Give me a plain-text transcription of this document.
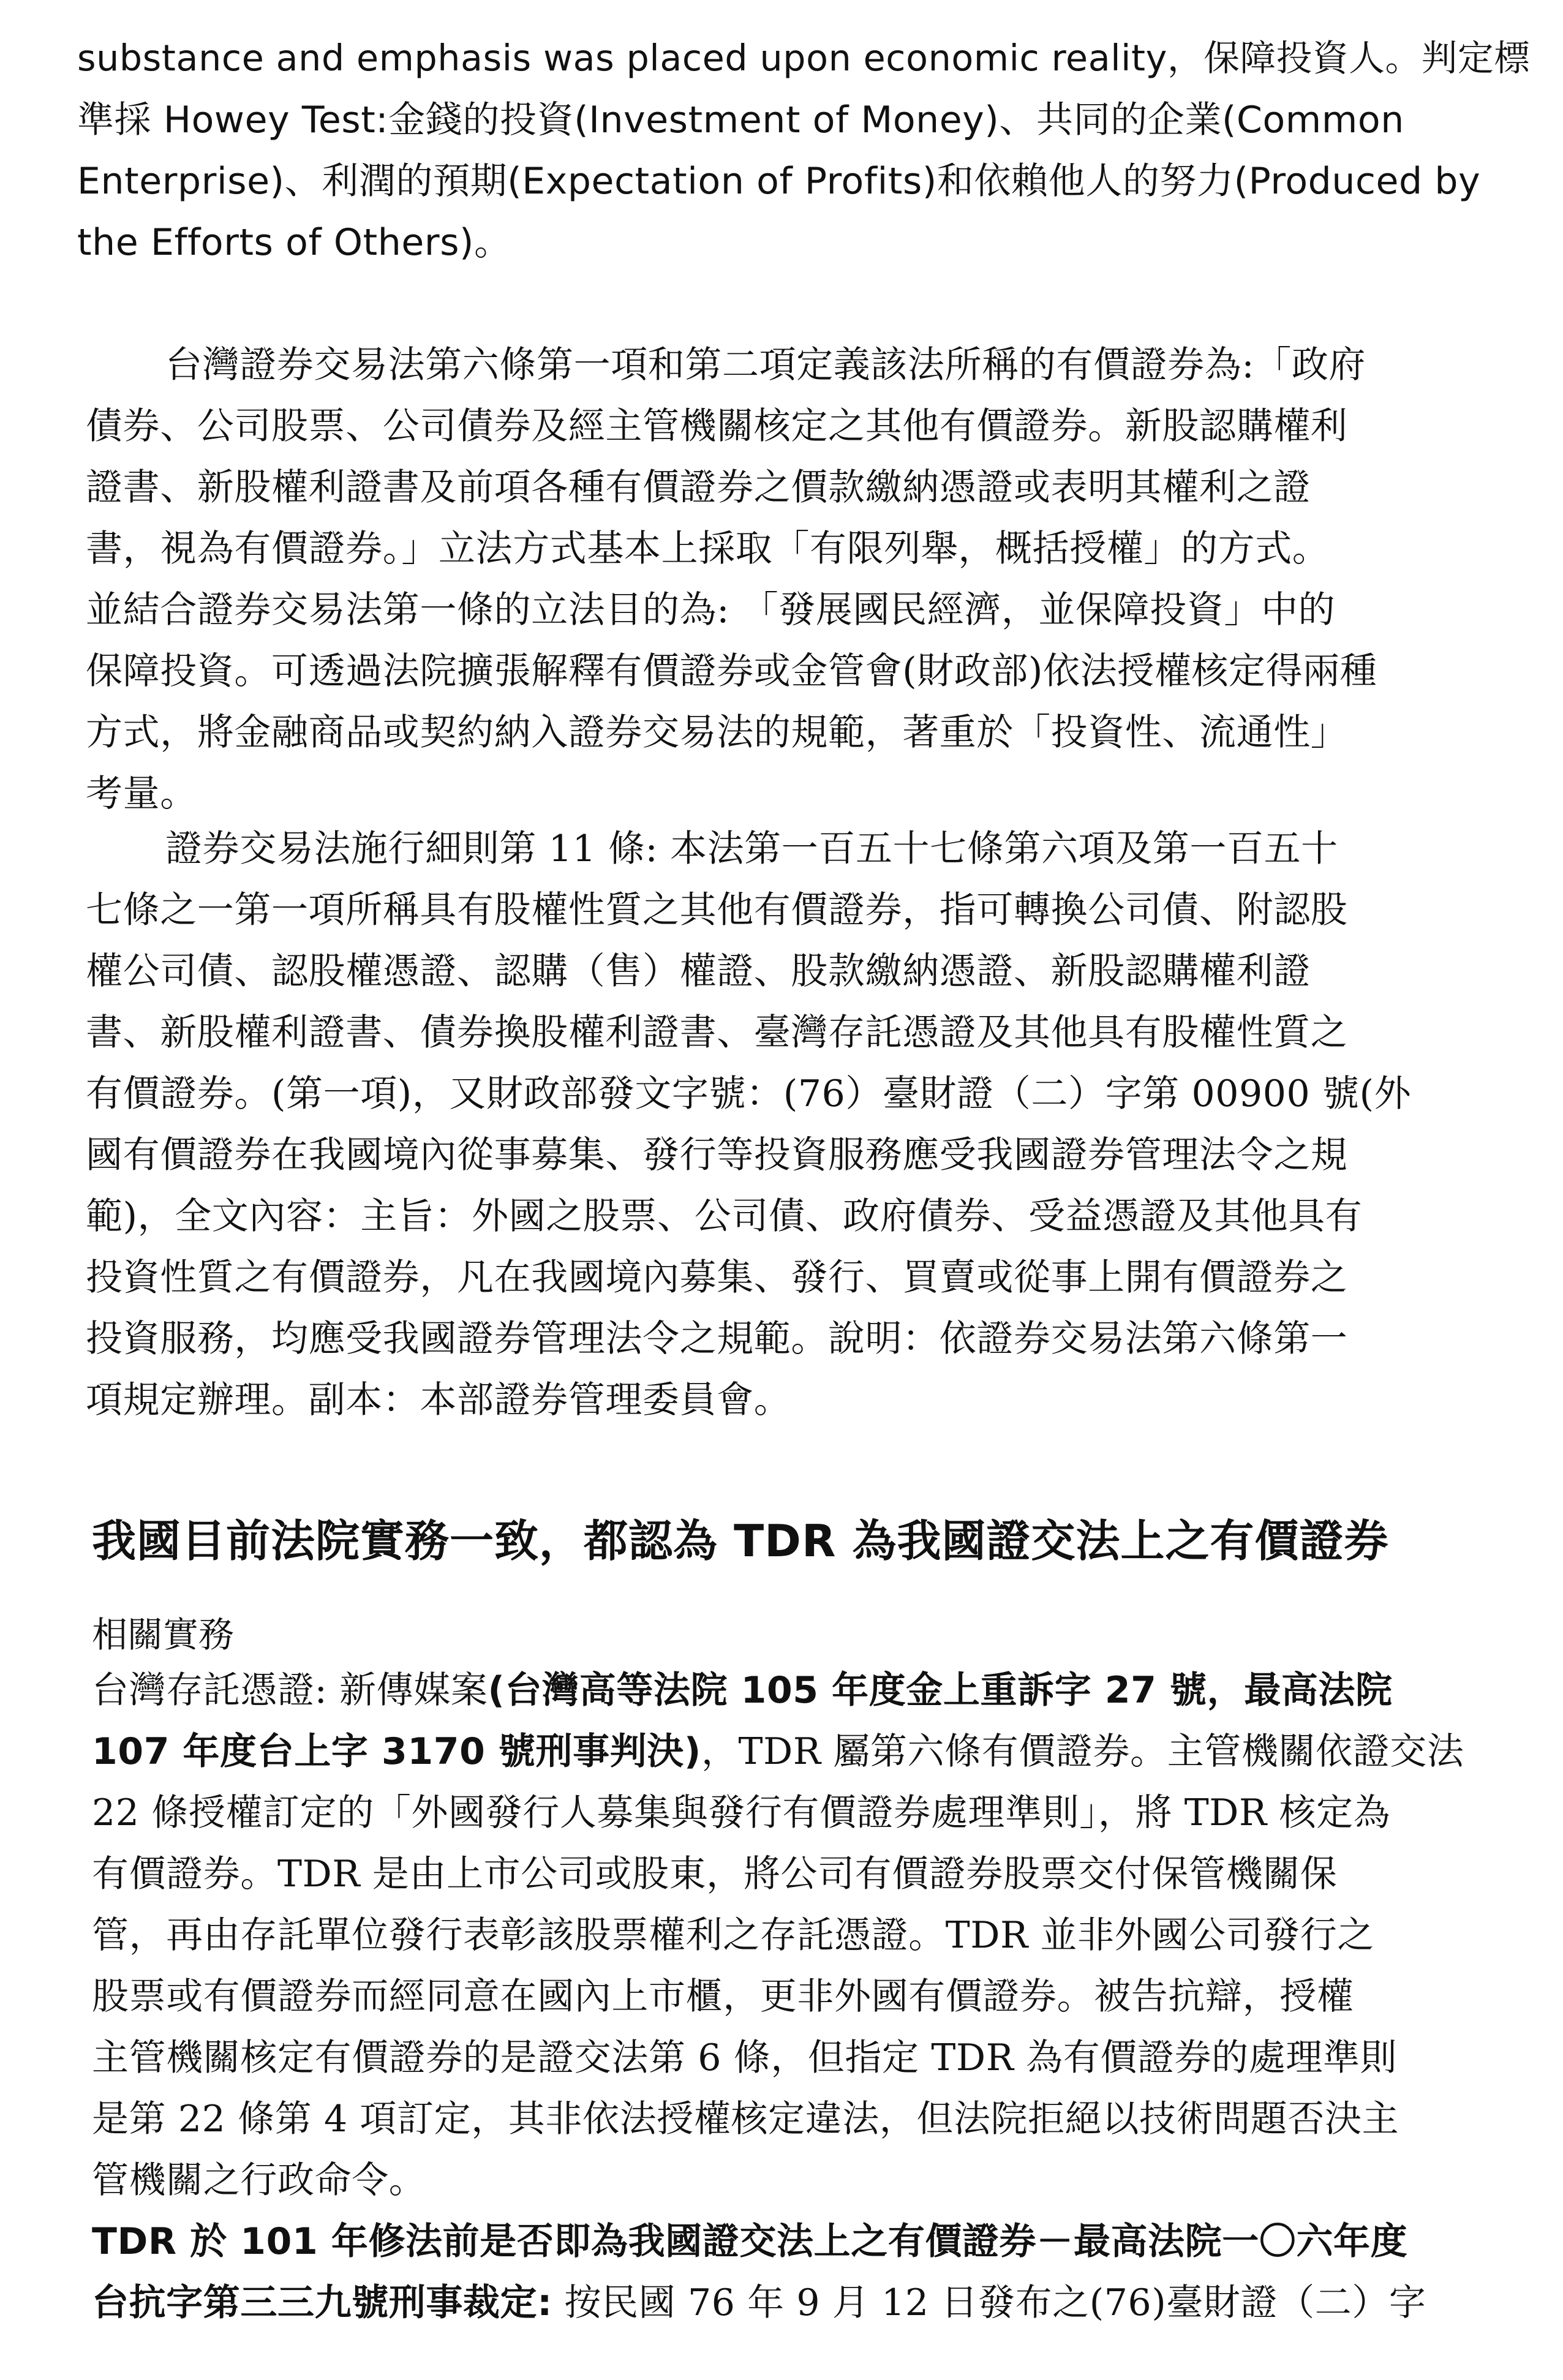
substance and emphasis was placed upon economic reality，保障投資人。判定標
準採 Howey Test:金錢的投資(Investment of Money)、共同的企業(Common
Enterprise)、利潤的預期(Expectation of Profits)和依賴他人的努力(Produced by
the Efforts of Others)。
台灣證券交易法第六條第一項和第二項定義該法所稱的有價證券為:「政府
債券、公司股票、公司債券及經主管機關核定之其他有價證券。新股認購權利
證書、新股權利證書及前項各種有價證券之價款繳納憑證或表明其權利之證
書，視為有價證券。」立法方式基本上採取「有限列舉，概括授權」的方式。
並結合證券交易法第一條的立法目的為: 「發展國民經濟，並保障投資」中的
保障投資。可透過法院擴張解釋有價證券或金管會(財政部)依法授權核定得兩種
方式，將金融商品或契約納入證券交易法的規範，著重於「投資性、流通性」
考量。
證券交易法施行細則第 11 條: 本法第一百五十七條第六項及第一百五十
七條之一第一項所稱具有股權性質之其他有價證券，指可轉換公司債、附認股
權公司債、認股權憑證、認購（售）權證、股款繳納憑證、新股認購權利證
書、新股權利證書、債券換股權利證書、臺灣存託憑證及其他具有股權性質之
有價證券。(第一項)，又財政部發文字號：(76）臺財證（二）字第 00900 號(外
國有價證券在我國境內從事募集、發行等投資服務應受我國證券管理法令之規
範)，全文內容：主旨：外國之股票、公司債、政府債券、受益憑證及其他具有
投資性質之有價證券，凡在我國境內募集、發行、買賣或從事上開有價證券之
投資服務，均應受我國證券管理法令之規範。說明：依證券交易法第六條第一
項規定辦理。副本：本部證券管理委員會。
我國目前法院實務一致，都認為 TDR 為我國證交法上之有價證券
相關實務
台灣存託憑證: 新傳媒案(台灣高等法院 105 年度金上重訴字 27 號，最高法院
107 年度台上字 3170 號刑事判決)，TDR 屬第六條有價證券。主管機關依證交法
22 條授權訂定的「外國發行人募集與發行有價證券處理準則」，將 TDR 核定為
有價證券。TDR 是由上市公司或股東，將公司有價證券股票交付保管機關保
管，再由存託單位發行表彰該股票權利之存託憑證。TDR 並非外國公司發行之
股票或有價證券而經同意在國內上市櫃，更非外國有價證券。被告抗辯，授權
主管機關核定有價證券的是證交法第 6 條，但指定 TDR 為有價證券的處理準則
是第 22 條第 4 項訂定，其非依法授權核定違法，但法院拒絕以技術問題否決主
管機關之行政命令。
TDR 於 101 年修法前是否即為我國證交法上之有價證券－最高法院一〇六年度
台抗字第三三九號刑事裁定: 按民國 76 年 9 月 12 日發布之(76)臺財證（二）字
